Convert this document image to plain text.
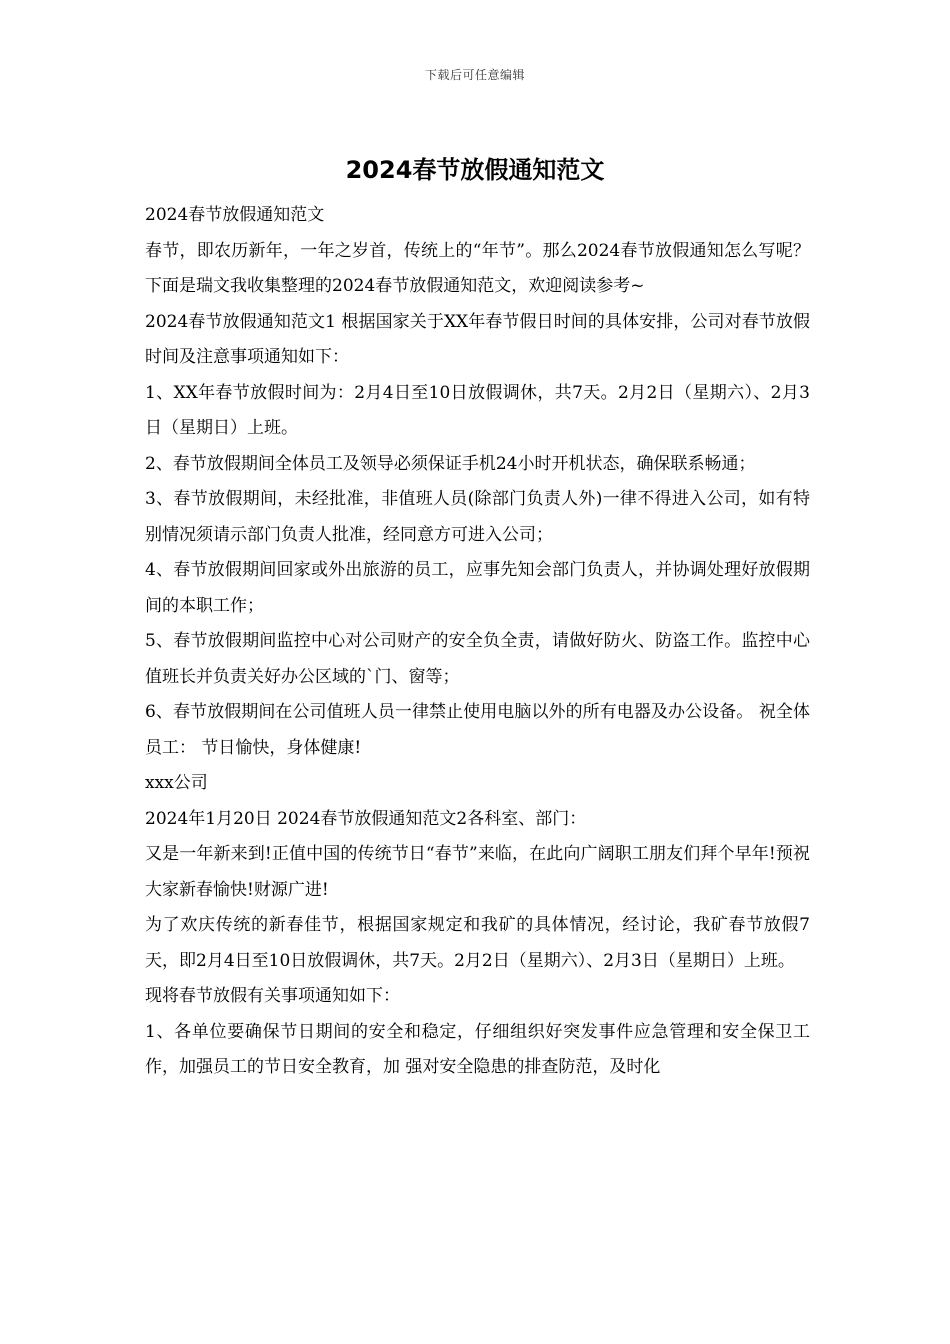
下载后可任意编辑
2024春节放假通知范文

2024春节放假通知范文

春节，即农历新年，一年之岁首，传统上的“年节”。那么2024春节放假通知怎么写呢？下面是瑞文我收集整理的2024春节放假通知范文，欢迎阅读参考~

2024春节放假通知范文1 根据国家关于XX年春节假日时间的具体安排，公司对春节放假时间及注意事项通知如下：

1、XX年春节放假时间为：2月4日至10日放假调休，共7天。2月2日（星期六）、2月3日（星期日）上班。

2、春节放假期间全体员工及领导必须保证手机24小时开机状态，确保联系畅通；

3、春节放假期间，未经批准，非值班人员(除部门负责人外)一律不得进入公司，如有特别情况须请示部门负责人批准，经同意方可进入公司；

4、春节放假期间回家或外出旅游的员工，应事先知会部门负责人，并协调处理好放假期间的本职工作；

5、春节放假期间监控中心对公司财产的安全负全责，请做好防火、防盗工作。监控中心值班长并负责关好办公区域的`门、窗等；

6、春节放假期间在公司值班人员一律禁止使用电脑以外的所有电器及办公设备。 祝全体员工： 节日愉快，身体健康!

xxx公司

2024年1月20日 2024春节放假通知范文2各科室、部门：

又是一年新来到!正值中国的传统节日“春节”来临，在此向广阔职工朋友们拜个早年!预祝大家新春愉快!财源广进!

为了欢庆传统的新春佳节，根据国家规定和我矿的具体情况，经讨论，我矿春节放假7天，即2月4日至10日放假调休，共7天。2月2日（星期六）、2月3日（星期日）上班。

现将春节放假有关事项通知如下：

1、各单位要确保节日期间的安全和稳定，仔细组织好突发事件应急管理和安全保卫工作，加强员工的节日安全教育，加 强对安全隐患的排查防范，及时化
